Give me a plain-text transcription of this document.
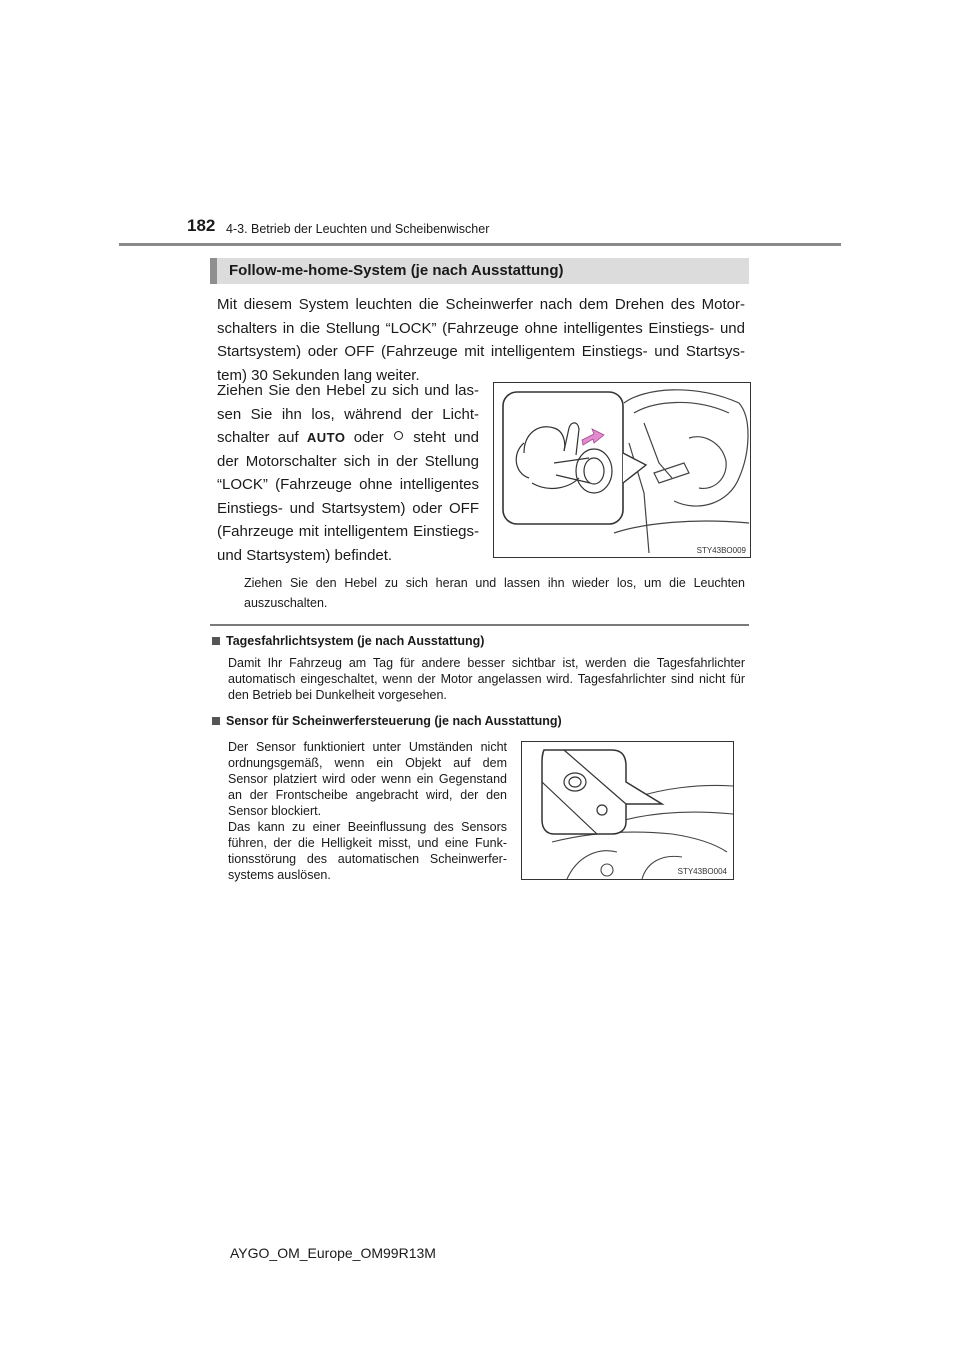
182 4-3. Betrieb der Leuchten und Scheibenwischer
Follow-me-home-System (je nach Ausstattung)
Mit diesem System leuchten die Scheinwerfer nach dem Drehen des Motorschalters in die Stellung “LOCK” (Fahrzeuge ohne intelligentes Einstiegs- und Startsystem) oder OFF (Fahrzeuge mit intelligentem Einstiegs- und Startsystem) 30 Sekunden lang weiter.
Ziehen Sie den Hebel zu sich und lassen Sie ihn los, während der Lichtschalter auf AUTO oder  steht und der Motorschalter sich in der Stellung “LOCK” (Fahrzeuge ohne intelligentes Einstiegs- und Startsystem) oder OFF (Fahrzeuge mit intelligentem Einstiegs- und Startsystem) befindet.	STY43BO009
Ziehen Sie den Hebel zu sich heran und lassen ihn wieder los, um die Leuchten auszuschalten.
Tagesfahrlichtsystem (je nach Ausstattung)
Damit Ihr Fahrzeug am Tag für andere besser sichtbar ist, werden die Tagesfahrlichter automatisch eingeschaltet, wenn der Motor angelassen wird. Tagesfahrlichter sind nicht für den Betrieb bei Dunkelheit vorgesehen.
Sensor für Scheinwerfersteuerung (je nach Ausstattung)
Der Sensor funktioniert unter Umständen nicht ordnungsgemäß, wenn ein Objekt auf dem Sensor platziert wird oder wenn ein Gegenstand an der Frontscheibe angebracht wird, der den Sensor blockiert.
Das kann zu einer Beeinflussung des Sensors führen, der die Helligkeit misst, und eine Funktionsstörung des automatischen Scheinwerfersystems auslösen.	STY43BO004
AYGO_OM_Europe_OM99R13M
